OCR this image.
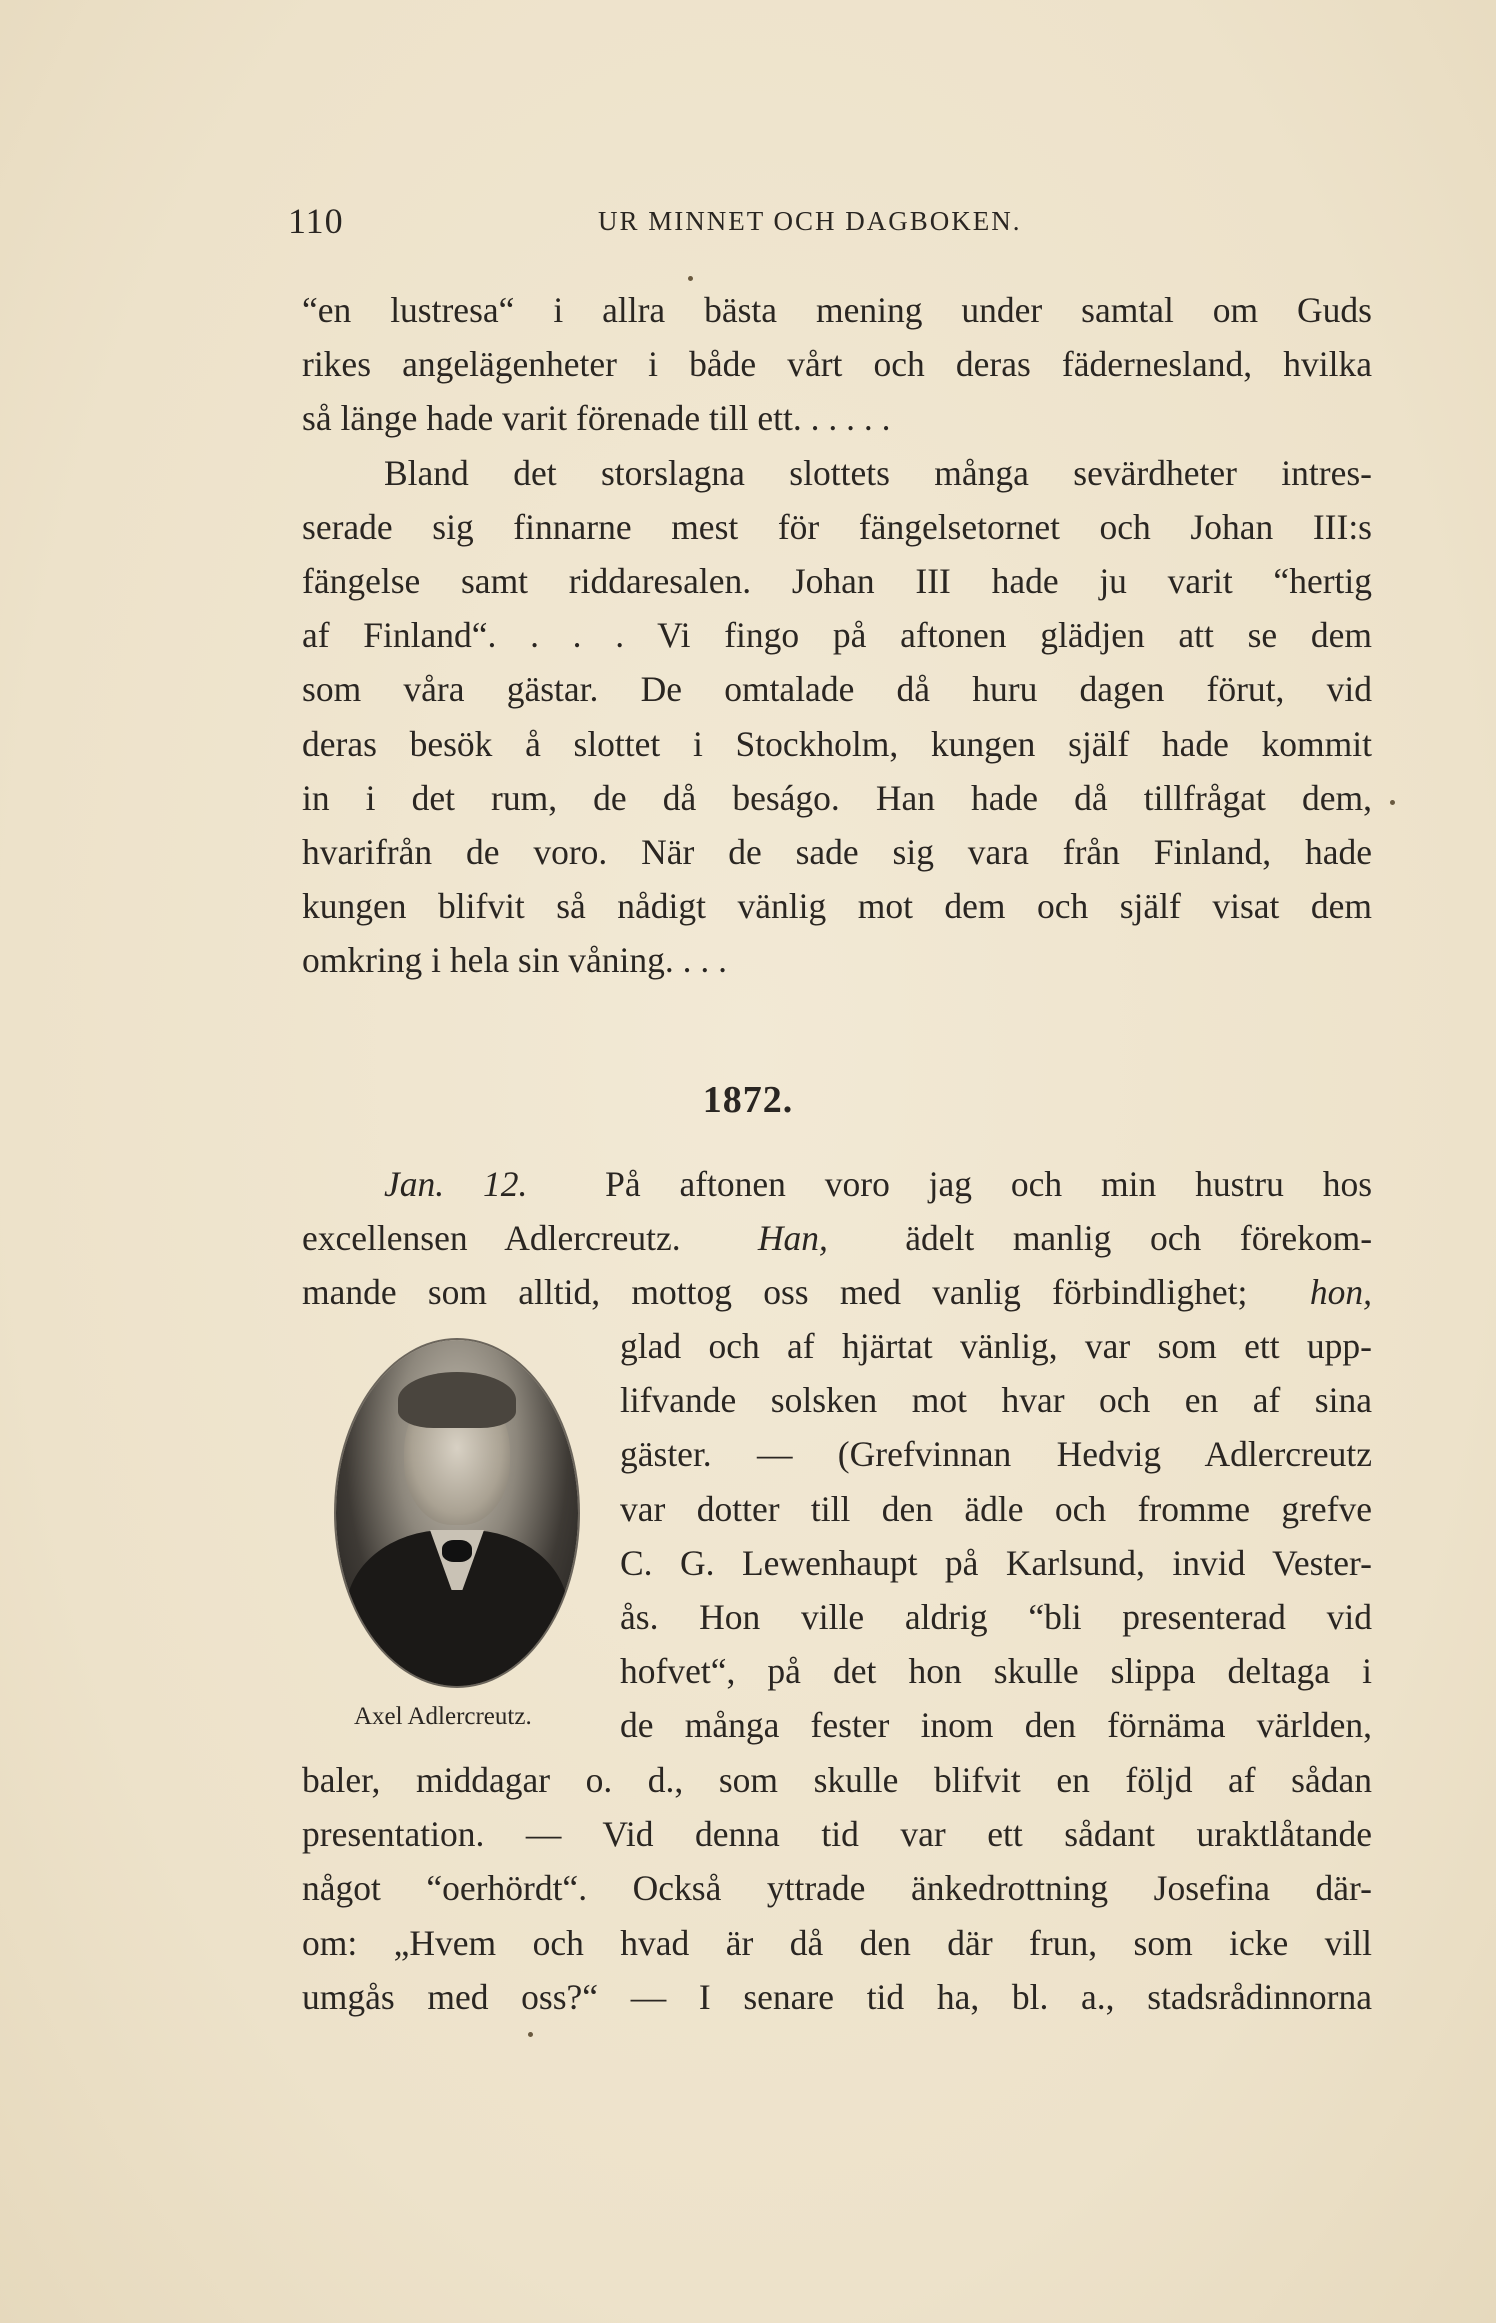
110	UR MINNET OCH DAGBOKEN.
“en lustresa“ i allra bästa mening under samtal om Guds
rikes angelägenheter i både vårt och deras fädernesland, hvilka
så länge hade varit förenade till ett. . . . . .
Bland det storslagna slottets många sevärdheter intres-
serade sig finnarne mest för fängelsetornet och Johan III:s
fängelse samt riddaresalen. Johan III hade ju varit “hertig
af Finland“. . . . Vi fingo på aftonen glädjen att se dem
som våra gästar. De omtalade då huru dagen förut, vid
deras besök å slottet i Stockholm, kungen själf hade kommit
in i det rum, de då beságo. Han hade då tillfrågat dem,
hvarifrån de voro. När de sade sig vara från Finland, hade
kungen blifvit så nådigt vänlig mot dem och själf visat dem
omkring i hela sin våning. . . .
1872.
Jan. 12. På aftonen voro jag och min hustru hos
excellensen Adlercreutz. Han, ädelt manlig och förekom-
mande som alltid, mottog oss med vanlig förbindlighet; hon,
Axel Adlercreutz.
glad och af hjärtat vänlig, var som ett upp-
lifvande solsken mot hvar och en af sina
gäster. — (Grefvinnan Hedvig Adlercreutz
var dotter till den ädle och fromme grefve
C. G. Lewenhaupt på Karlsund, invid Vester-
ås. Hon ville aldrig “bli presenterad vid
hofvet“, på det hon skulle slippa deltaga i
de många fester inom den förnäma världen,
baler, middagar o. d., som skulle blifvit en följd af sådan
presentation. — Vid denna tid var ett sådant uraktlåtande
något “oerhördt“. Också yttrade änkedrottning Josefina där-
om: „Hvem och hvad är då den där frun, som icke vill
umgås med oss?“ — I senare tid ha, bl. a., stadsrådinnorna
